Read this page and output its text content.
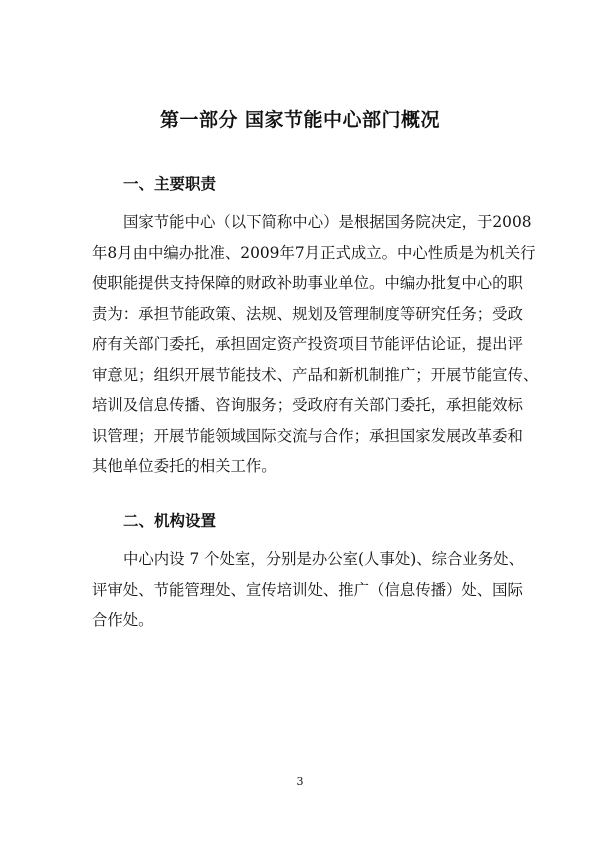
第一部分 国家节能中心部门概况
一、主要职责
国家节能中心（以下简称中心）是根据国务院决定，于2008
年8月由中编办批准、2009年7月正式成立。中心性质是为机关行
使职能提供支持保障的财政补助事业单位。中编办批复中心的职
责为：承担节能政策、法规、规划及管理制度等研究任务；受政
府有关部门委托，承担固定资产投资项目节能评估论证，提出评
审意见；组织开展节能技术、产品和新机制推广；开展节能宣传、
培训及信息传播、咨询服务；受政府有关部门委托，承担能效标
识管理；开展节能领域国际交流与合作；承担国家发展改革委和
其他单位委托的相关工作。
二、机构设置
中心内设 7 个处室，分别是办公室(人事处)、综合业务处、
评审处、节能管理处、宣传培训处、推广（信息传播）处、国际
合作处。
3
